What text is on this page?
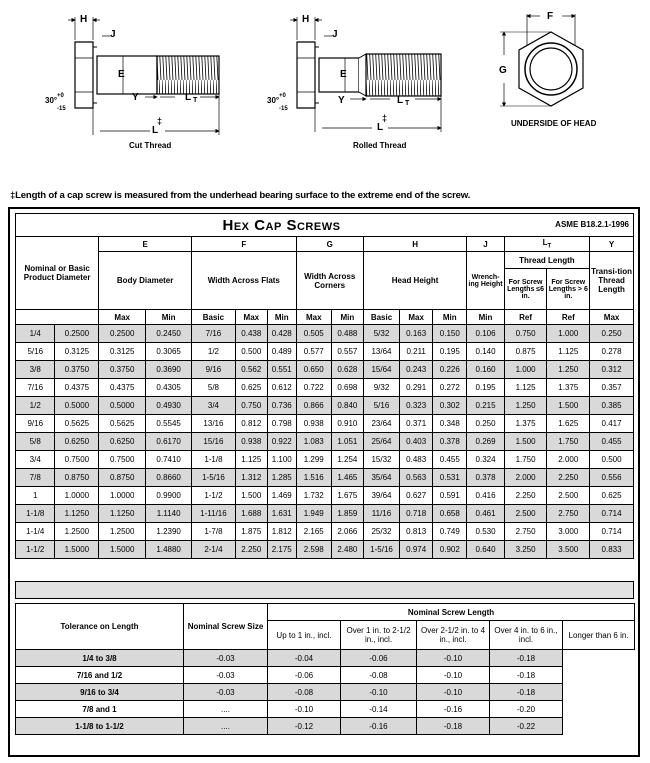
H
J
E
Y	L T
L
‡
30° +0
-15
Cut Thread
H
J
E
Y	L T
L
‡
30° +0
-15
Rolled Thread
F
G
UNDERSIDE OF HEAD
‡Length of a cap screw is measured from the underhead bearing surface to the extreme end of the screw.
Hex Cap Screws														ASME B18.2.1-1996	
Nominal or Basic Product Diameter		E		F			G		H			J	$L_T$		Y
		Body Diameter		Width Across Flats			Width Across Corners		Head Height			Wrench-ing Height	Thread Length		Transi-tion Thread Length
													For Screw Lengths ≤6 in.	For Screw Lengths > 6 in.	
		Max	Min	Basic	Max	Min	Max	Min	Basic	Max	Min	Min	Ref	Ref	Max
1/4	0.2500	0.2500	0.2450	7/16	0.438	0.428	0.505	0.488	5/32	0.163	0.150	0.106	0.750	1.000	0.250
5/16	0.3125	0.3125	0.3065	1/2	0.500	0.489	0.577	0.557	13/64	0.211	0.195	0.140	0.875	1.125	0.278
3/8	0.3750	0.3750	0.3690	9/16	0.562	0.551	0.650	0.628	15/64	0.243	0.226	0.160	1.000	1.250	0.312
7/16	0.4375	0.4375	0.4305	5/8	0.625	0.612	0.722	0.698	9/32	0.291	0.272	0.195	1.125	1.375	0.357
1/2	0.5000	0.5000	0.4930	3/4	0.750	0.736	0.866	0.840	5/16	0.323	0.302	0.215	1.250	1.500	0.385
9/16	0.5625	0.5625	0.5545	13/16	0.812	0.798	0.938	0.910	23/64	0.371	0.348	0.250	1.375	1.625	0.417
5/8	0.6250	0.6250	0.6170	15/16	0.938	0.922	1.083	1.051	25/64	0.403	0.378	0.269	1.500	1.750	0.455
3/4	0.7500	0.7500	0.7410	1-1/8	1.125	1.100	1.299	1.254	15/32	0.483	0.455	0.324	1.750	2.000	0.500
7/8	0.8750	0.8750	0.8660	1-5/16	1.312	1.285	1.516	1.465	35/64	0.563	0.531	0.378	2.000	2.250	0.556
1	1.0000	1.0000	0.9900	1-1/2	1.500	1.469	1.732	1.675	39/64	0.627	0.591	0.416	2.250	2.500	0.625
1-1/8	1.1250	1.1250	1.1140	1-11/16	1.688	1.631	1.949	1.859	11/16	0.718	0.658	0.461	2.500	2.750	0.714
1-1/4	1.2500	1.2500	1.2390	1-7/8	1.875	1.812	2.165	2.066	25/32	0.813	0.749	0.530	2.750	3.000	0.714
1-1/2	1.5000	1.5000	1.4880	2-1/4	2.250	2.175	2.598	2.480	1-5/16	0.974	0.902	0.640	3.250	3.500	0.833
Tolerance on Length	Nominal Screw Size	Nominal Screw Length				
		Up to 1 in., incl.	Over 1 in. to 2-1/2 in., incl.	Over 2-1/2 in. to 4 in., incl.	Over 4 in. to 6 in., incl.	Longer than 6 in.
1/4 to 3/8	-0.03	-0.04	-0.06	-0.10	-0.18	
7/16 and 1/2	-0.03	-0.06	-0.08	-0.10	-0.18	
9/16 to 3/4	-0.03	-0.08	-0.10	-0.10	-0.18	
7/8 and 1	....	-0.10	-0.14	-0.16	-0.20	
1-1/8 to 1-1/2	....	-0.12	-0.16	-0.18	-0.22	
